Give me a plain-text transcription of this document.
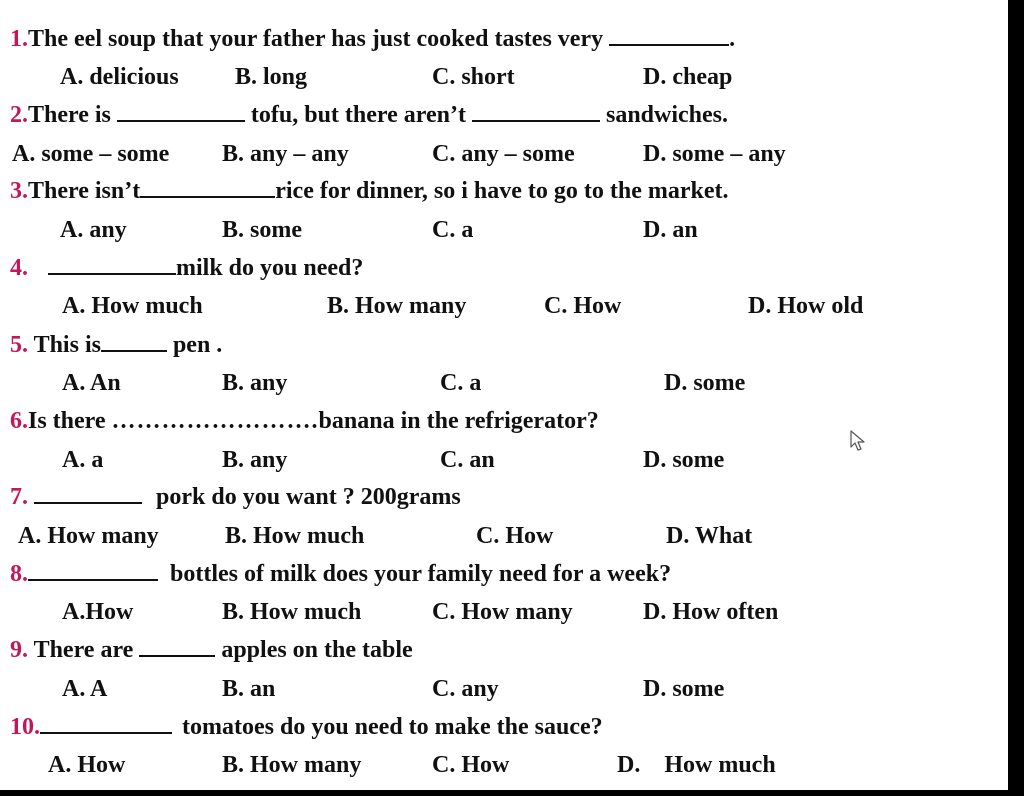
1.The eel soup that your father has just cooked tastes very	.
A. delicious B. long	C. short	D. cheap
2.There is	tofu, but there aren’t	sandwiches.
A. some – some B. any – any	C. any – some	D. some – any
3.There isn’t	rice for dinner, so i have to go to the market.
A. any	B. some	C. a	D. an
4.	milk do you need?
A. How much	B. How many	C. How	D. How old
5. This is	pen .
A. An	B. any	C. a	D. some
6.Is there …………………….banana in the refrigerator?
A. a	B. any	C. an	D. some
7.	pork do you want ? 200grams
A. How many	B. How much	C. How	D. What
8.	bottles of milk does your family need for a week?
A.How	B. How much	C. How many	D. How often
9. There are	apples on the table
A. A	B. an	C. any	D. some
10.	tomatoes do you need to make the sauce?
A. How	B. How many	C. How	D.    How much
